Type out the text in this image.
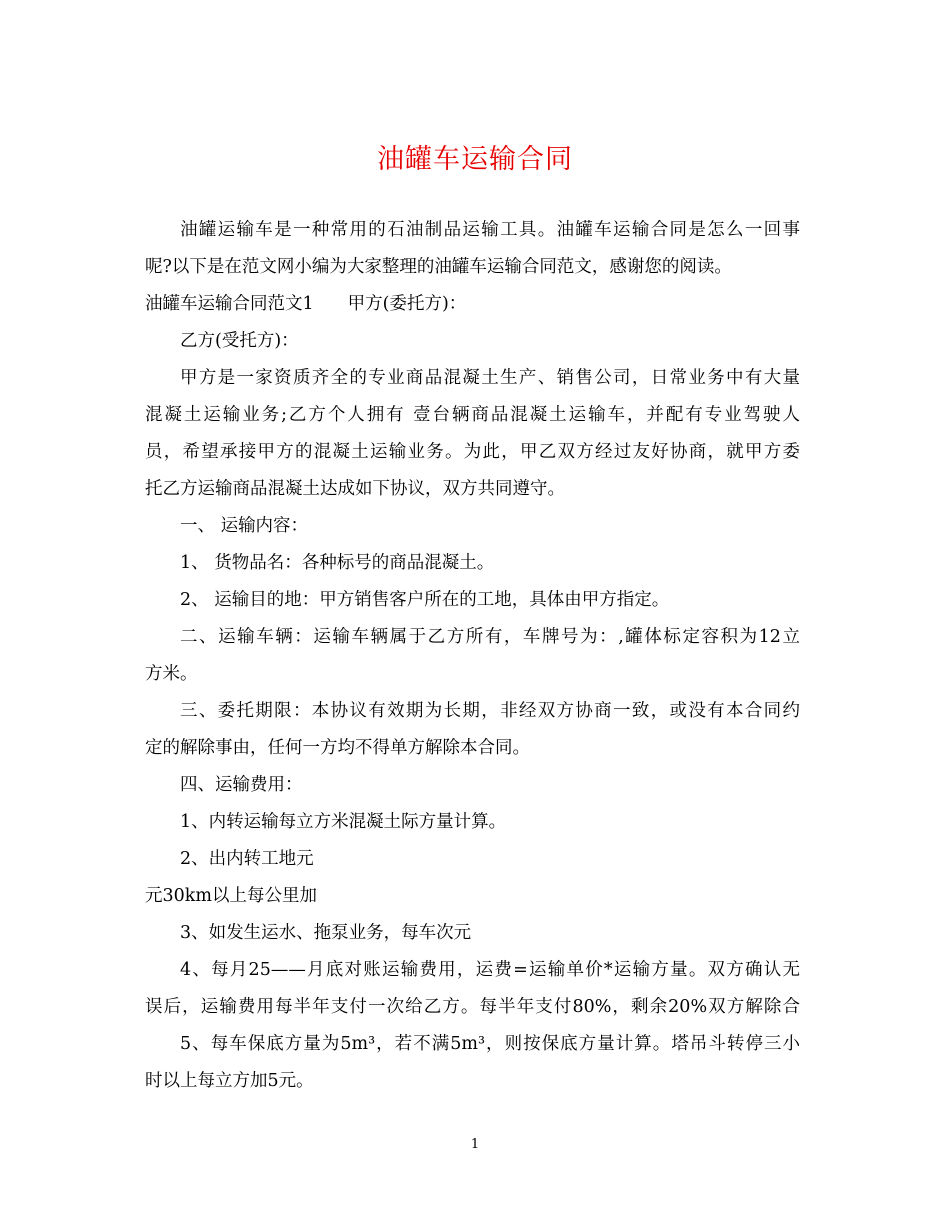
油罐车运输合同
油罐运输车是一种常用的石油制品运输工具。油罐车运输合同是怎么一回事
呢?以下是在范文网小编为大家整理的油罐车运输合同范文，感谢您的阅读。
油罐车运输合同范文1 甲方(委托方)：
乙方(受托方)：
甲方是一家资质齐全的专业商品混凝土生产、销售公司，日常业务中有大量
混凝土运输业务;乙方个人拥有 壹台辆商品混凝土运输车，并配有专业驾驶人
员，希望承接甲方的混凝土运输业务。为此，甲乙双方经过友好协商，就甲方委
托乙方运输商品混凝土达成如下协议，双方共同遵守。
一、 运输内容：
1、 货物品名：各种标号的商品混凝土。
2、 运输目的地：甲方销售客户所在的工地，具体由甲方指定。
二、运输车辆：运输车辆属于乙方所有，车牌号为：,罐体标定容积为12立
方米。
三、委托期限：本协议有效期为长期，非经双方协商一致，或没有本合同约
定的解除事由，任何一方均不得单方解除本合同。
四、运输费用：
1、内转运输每立方米混凝土际方量计算。
2、出内转工地元
元30km以上每公里加
3、如发生运水、拖泵业务，每车次元
4、每月25——月底对账运输费用，运费=运输单价*运输方量。双方确认无
误后，运输费用每半年支付一次给乙方。每半年支付80%，剩余20%双方解除合
5、每车保底方量为5m³，若不满5m³，则按保底方量计算。塔吊斗转停三小
时以上每立方加5元。
1
